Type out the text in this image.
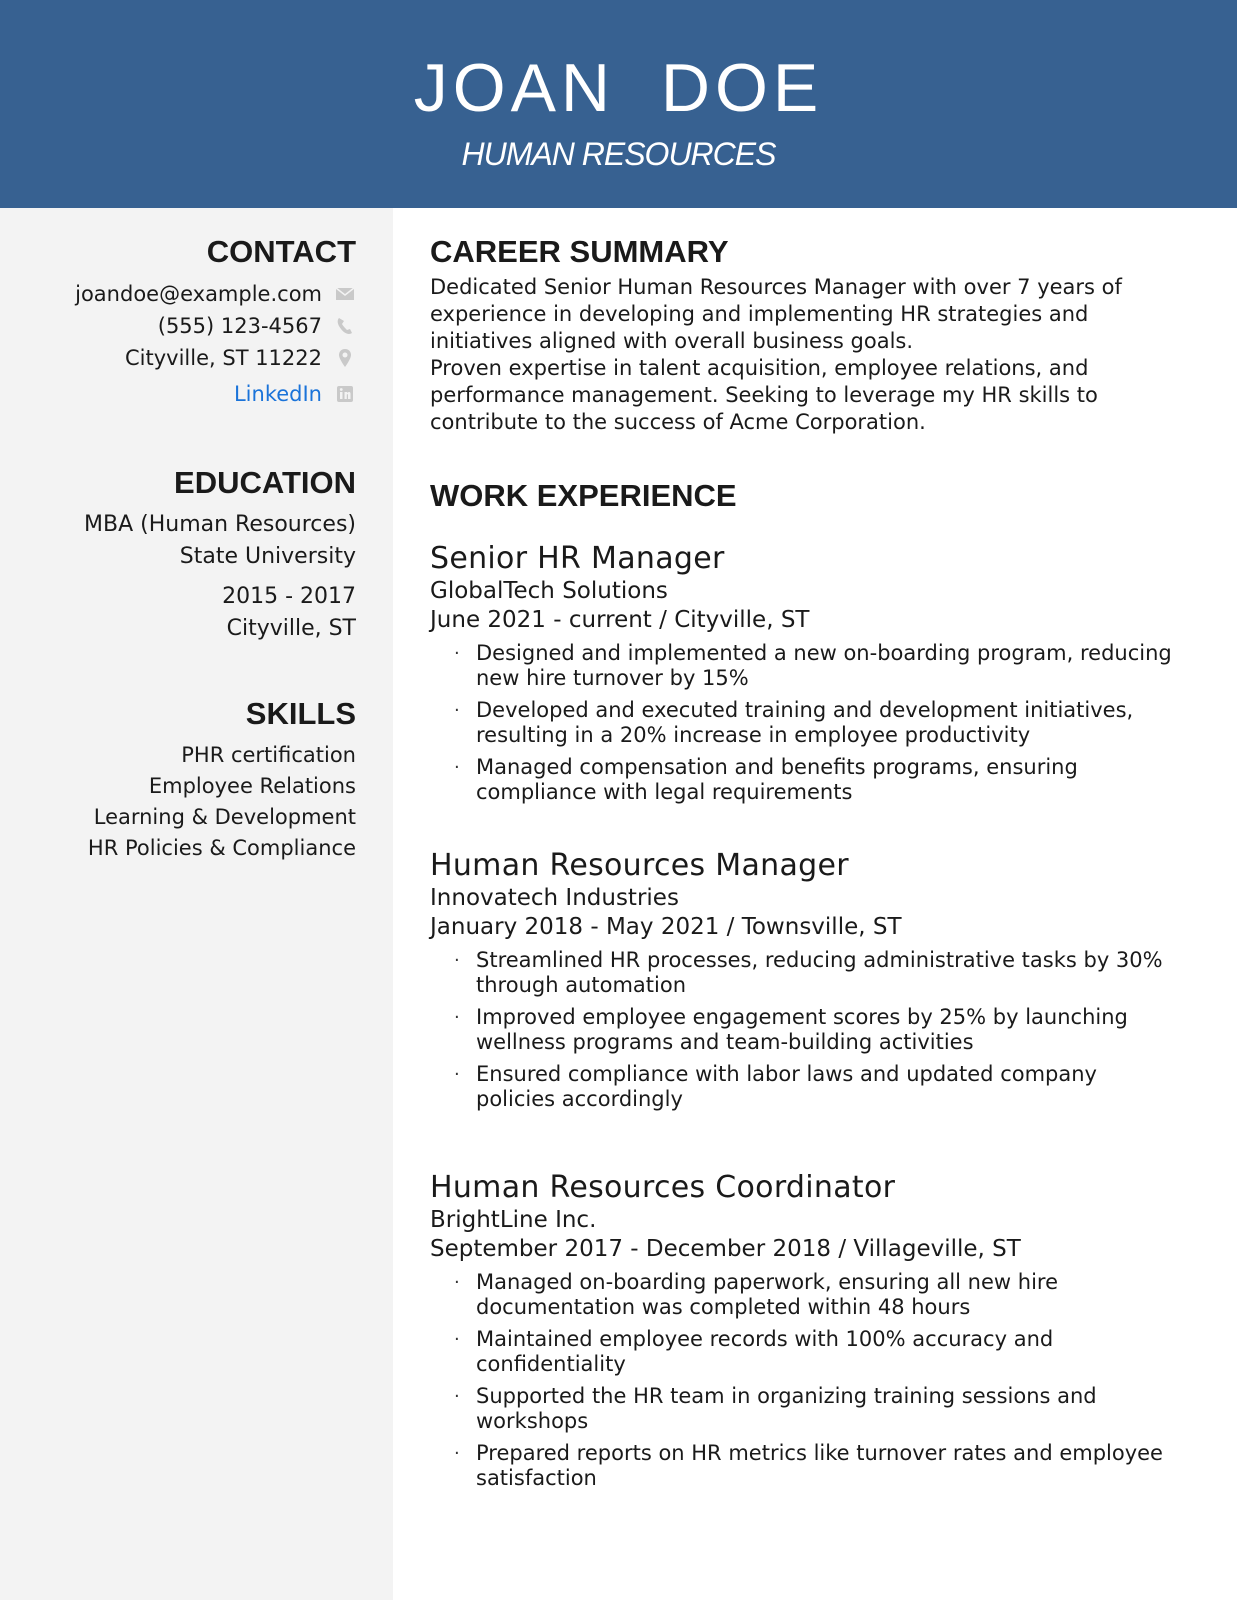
JOAN DOE
HUMAN RESOURCES
CONTACT
joandoe@example.com
(555) 123-4567
Cityville, ST 11222
LinkedIn
EDUCATION
MBA (Human Resources)
State University
2015 - 2017
Cityville, ST
SKILLS
PHR certification
Employee Relations
Learning & Development
HR Policies & Compliance
CAREER SUMMARY

Dedicated Senior Human Resources Manager with over 7 years of experience in developing and implementing HR strategies and initiatives aligned with overall business goals.

Proven expertise in talent acquisition, employee relations, and performance management. Seeking to leverage my HR skills to contribute to the success of Acme Corporation.

WORK EXPERIENCE
Senior HR Manager
GlobalTech Solutions
June 2021 - current / Cityville, ST
· Designed and implemented a new on-boarding program, reducing new hire turnover by 15%
· Developed and executed training and development initiatives, resulting in a 20% increase in employee productivity
· Managed compensation and benefits programs, ensuring compliance with legal requirements
Human Resources Manager
Innovatech Industries
January 2018 - May 2021 / Townsville, ST
· Streamlined HR processes, reducing administrative tasks by 30% through automation
· Improved employee engagement scores by 25% by launching wellness programs and team-building activities
· Ensured compliance with labor laws and updated company policies accordingly
Human Resources Coordinator
BrightLine Inc.
September 2017 - December 2018 / Villageville, ST
· Managed on-boarding paperwork, ensuring all new hire documentation was completed within 48 hours
· Maintained employee records with 100% accuracy and confidentiality
· Supported the HR team in organizing training sessions and workshops
· Prepared reports on HR metrics like turnover rates and employee satisfaction
